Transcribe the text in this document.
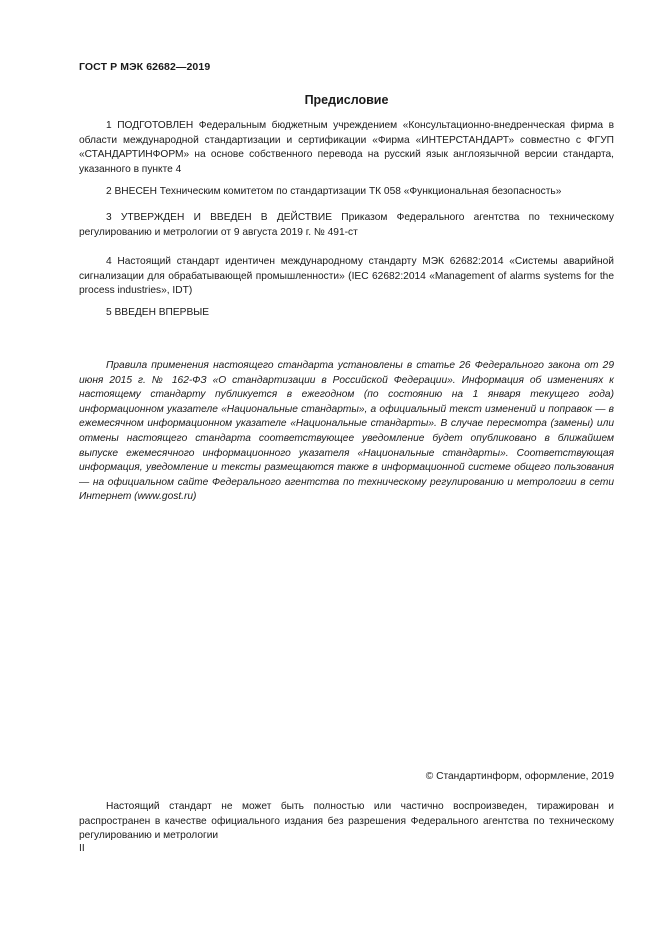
ГОСТ Р МЭК 62682—2019
Предисловие

1 ПОДГОТОВЛЕН Федеральным бюджетным учреждением «Консультационно-внедренческая фирма в области международной стандартизации и сертификации «Фирма «ИНТЕРСТАНДАРТ» совместно с ФГУП «СТАНДАРТИНФОРМ» на основе собственного перевода на русский язык англоязычной версии стандарта, указанного в пункте 4

2 ВНЕСЕН Техническим комитетом по стандартизации ТК 058 «Функциональная безопасность»

3 УТВЕРЖДЕН И ВВЕДЕН В ДЕЙСТВИЕ Приказом Федерального агентства по техническому регулированию и метрологии от 9 августа 2019 г. № 491-ст

4 Настоящий стандарт идентичен международному стандарту МЭК 62682:2014 «Системы аварийной сигнализации для обрабатывающей промышленности» (IEC 62682:2014 «Management of alarms systems for the process industries», IDT)

5 ВВЕДЕН ВПЕРВЫЕ

Правила применения настоящего стандарта установлены в статье 26 Федерального закона от 29 июня 2015 г. № 162-ФЗ «О стандартизации в Российской Федерации». Информация об изменениях к настоящему стандарту публикуется в ежегодном (по состоянию на 1 января текущего года) информационном указателе «Национальные стандарты», а официальный текст изменений и поправок — в ежемесячном информационном указателе «Национальные стандарты». В случае пересмотра (замены) или отмены настоящего стандарта соответствующее уведомление будет опубликовано в ближайшем выпуске ежемесячного информационного указателя «Национальные стандарты». Соответствующая информация, уведомление и тексты размещаются также в информационной системе общего пользования — на официальном сайте Федерального агентства по техническому регулированию и метрологии в сети Интернет (www.gost.ru)

© Стандартинформ, оформление, 2019

Настоящий стандарт не может быть полностью или частично воспроизведен, тиражирован и распространен в качестве официального издания без разрешения Федерального агентства по техническому регулированию и метрологии

II
